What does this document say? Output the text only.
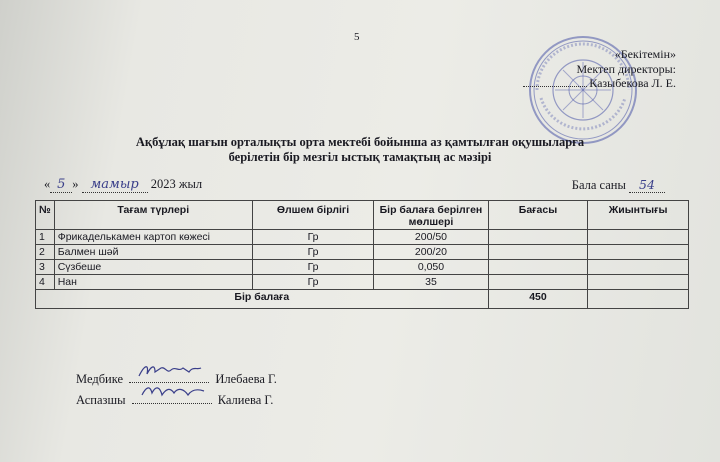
5
«Бекітемін»
Мектеп директоры:
Казыбекова Л. Е.
Ақбұлақ шағын орталықты орта мектебі бойынша аз қамтылған оқушыларға
берілетін бір мезгіл ыстық тамақтың ас мәзірі
« 5 » мамыр 2023 жыл	Бала саны 54
№	Тағам түрлері	Өлшем бірлігі	Бір балаға берілген мөлшері	Бағасы	Жиынтығы
1	Фрикаделькамен картоп көжесі	Гр	200/50		
2	Балмен шәй	Гр	200/20		
3	Сүзбеше	Гр	0,050		
4	Нан	Гр	35		
Бір балаға				450	
Медбике	Илебаева Г.
Аспазшы	Калиева Г.
